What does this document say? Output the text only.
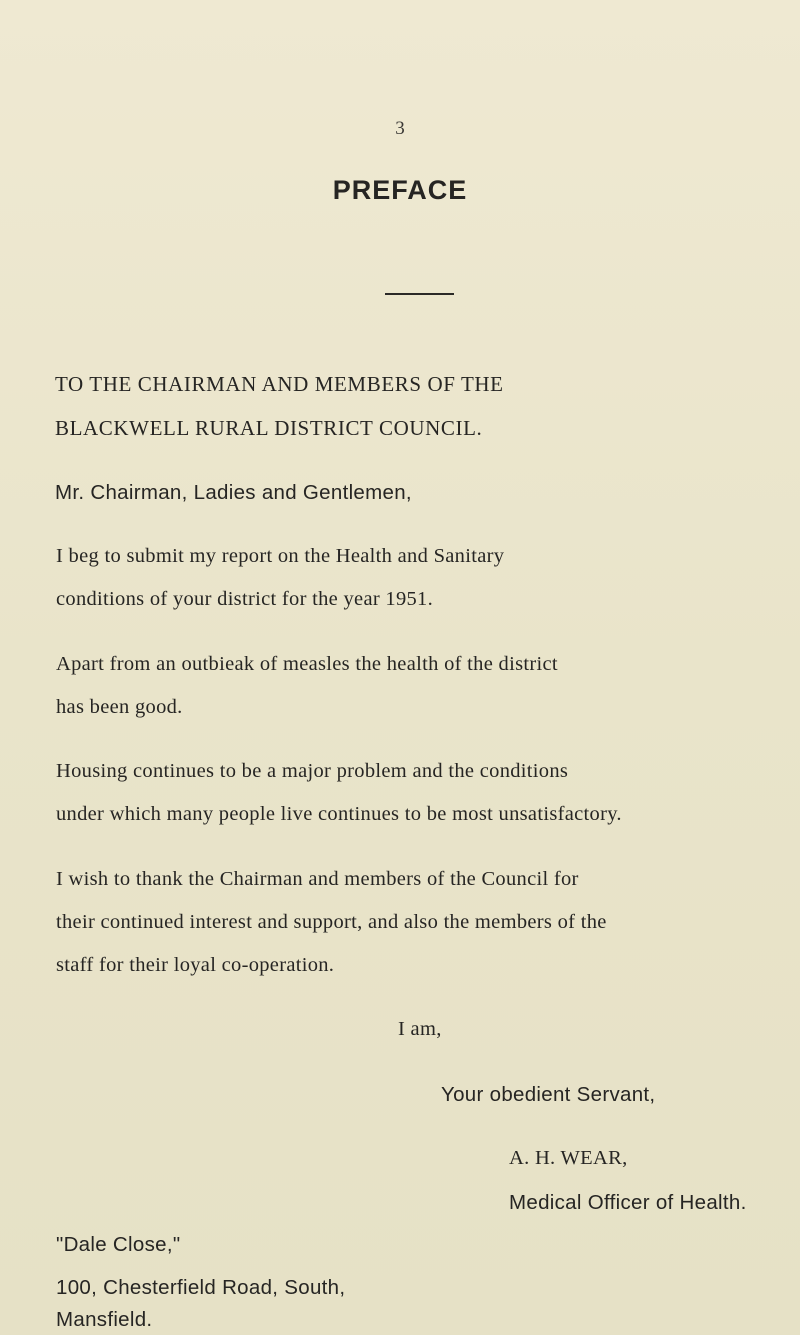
3
PREFACE
TO THE CHAIRMAN AND MEMBERS OF THE
BLACKWELL RURAL DISTRICT COUNCIL.
Mr. Chairman, Ladies and Gentlemen,
I beg to submit my report on the Health and Sanitary
conditions of your district for the year 1951.
Apart from an outbieak of measles the health of the district
has been good.
Housing continues to be a major problem and the conditions
under which many people live continues to be most unsatisfactory.
I wish to thank the Chairman and members of the Council for
their continued interest and support, and also the members of the
staff for their loyal co-operation.
I am,
Your obedient Servant,
A. H. WEAR,
Medical Officer of Health.
"Dale Close,"
100, Chesterfield Road, South,
Mansfield.
